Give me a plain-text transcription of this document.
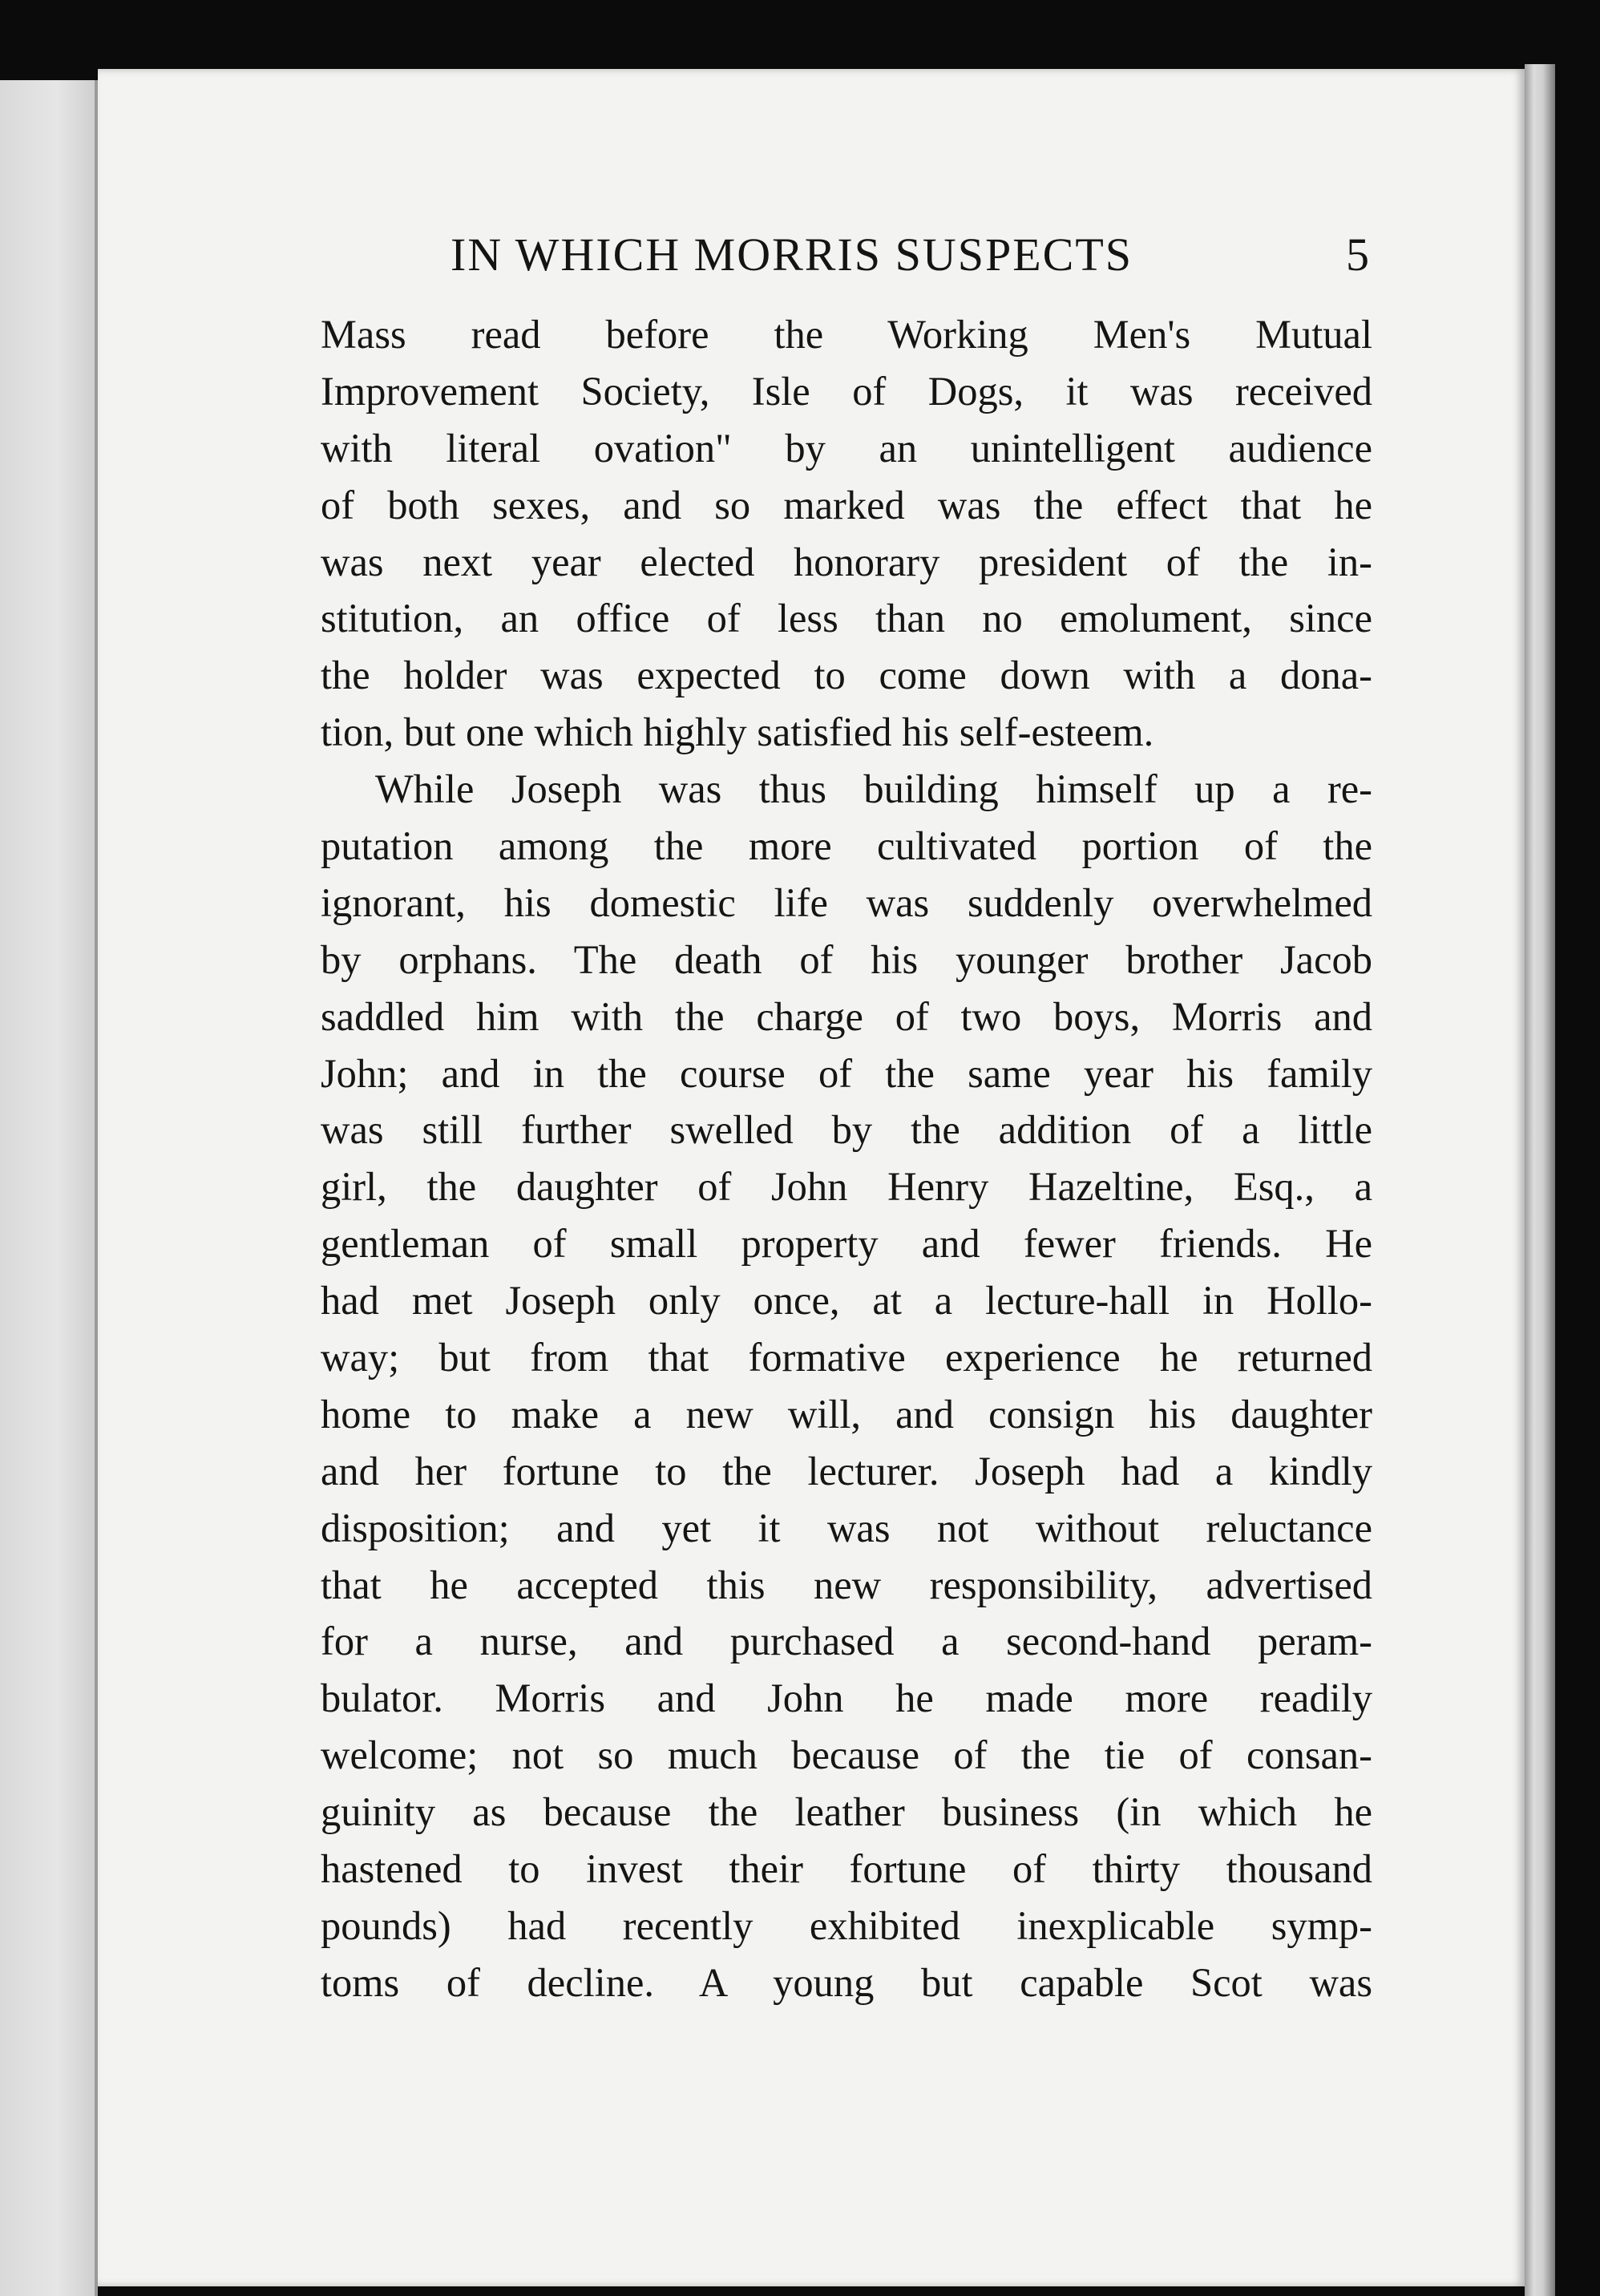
IN WHICH MORRIS SUSPECTS	5
Mass read before the Working Men's Mutual
Improvement Society, Isle of Dogs, it was received
with literal ovation" by an unintelligent audience
of both sexes, and so marked was the effect that he
was next year elected honorary president of the in-
stitution, an office of less than no emolument, since
the holder was expected to come down with a dona-
tion, but one which highly satisfied his self-esteem.
While Joseph was thus building himself up a re-
putation among the more cultivated portion of the
ignorant, his domestic life was suddenly overwhelmed
by orphans. The death of his younger brother Jacob
saddled him with the charge of two boys, Morris and
John; and in the course of the same year his family
was still further swelled by the addition of a little
girl, the daughter of John Henry Hazeltine, Esq., a
gentleman of small property and fewer friends. He
had met Joseph only once, at a lecture-hall in Hollo-
way; but from that formative experience he returned
home to make a new will, and consign his daughter
and her fortune to the lecturer. Joseph had a kindly
disposition; and yet it was not without reluctance
that he accepted this new responsibility, advertised
for a nurse, and purchased a second-hand peram-
bulator. Morris and John he made more readily
welcome; not so much because of the tie of consan-
guinity as because the leather business (in which he
hastened to invest their fortune of thirty thousand
pounds) had recently exhibited inexplicable symp-
toms of decline. A young but capable Scot was
